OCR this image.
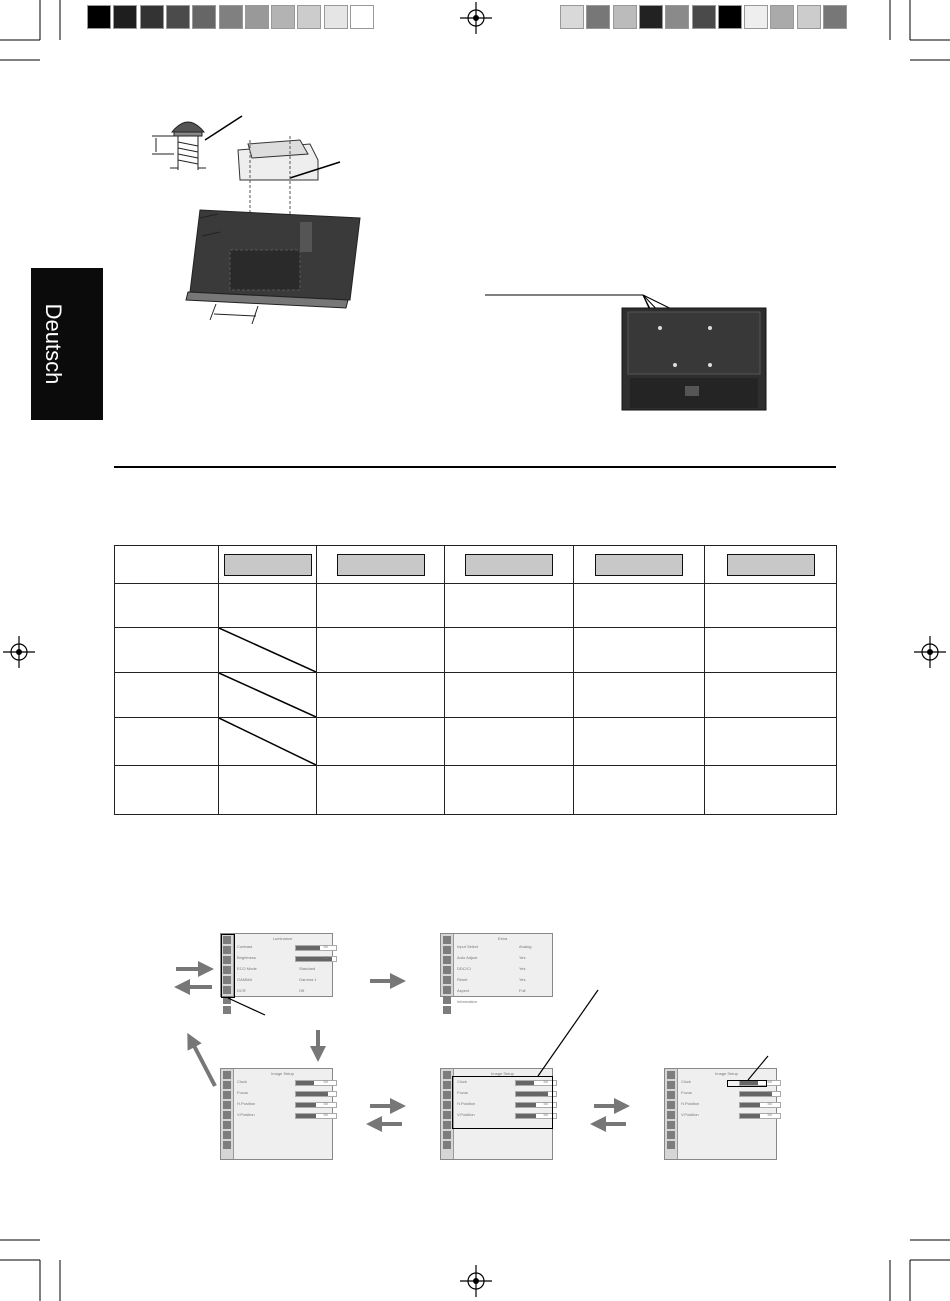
Deutsch

Luminance
Contrast	50
Brightness	90
ECO Mode	Standard
GAMMA	Gamma 1
DCR	Off
Extra
Input Select	Analog
Auto Adjust	Yes
DDC/CI	Yes
Reset	Yes
Aspect	Full
Information
Image Setup
Clock	50
Focus	50
H.Position	50
V.Position	50
Image Setup
Clock	50
Focus	50
H.Position	50
V.Position	50
Image Setup
Clock	50
Focus	50
H.Position	50
V.Position	50
